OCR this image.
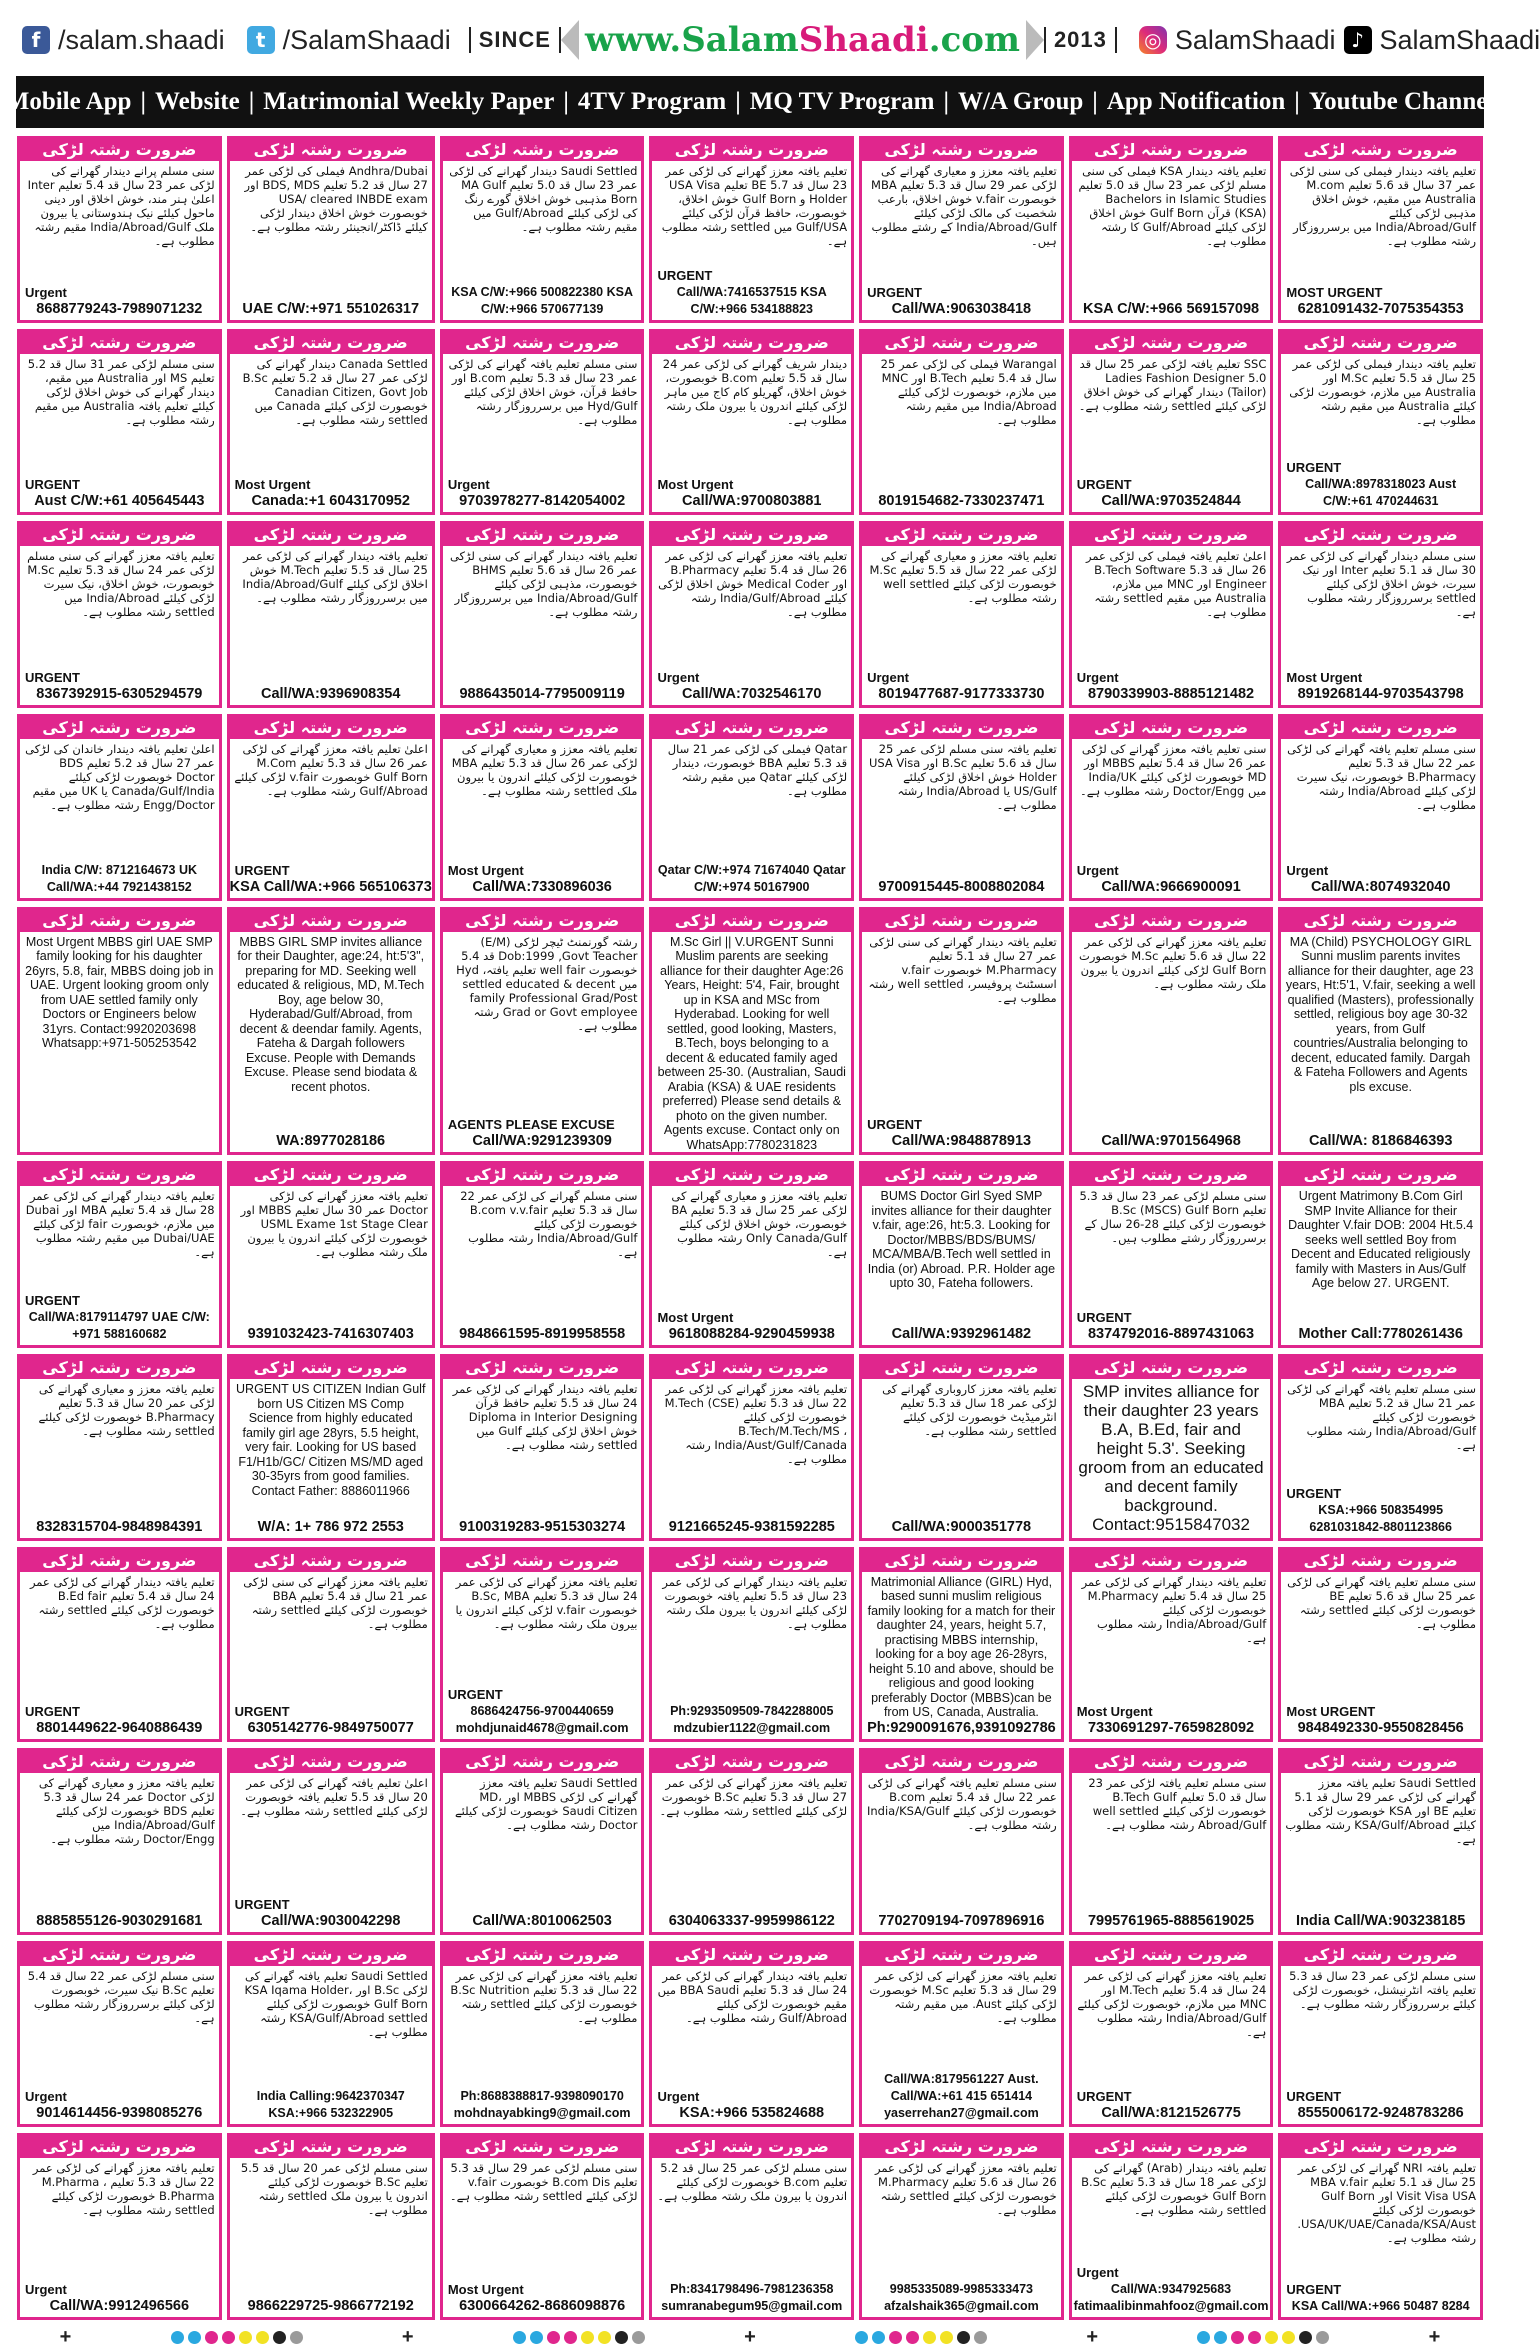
f /salam.shaadi	t /SalamShaadi	SINCE www.SalamShaadi.com	2013	◎ SalamShaadi ♪ SalamShaadi
Mobile App | Website | Matrimonial Weekly Paper | 4TV Program | MQ TV Program | W/A Group | App Notification | Youtube Channel
ضرورت رشتہ لڑکی
سنی مسلم پرانے دیندار گھرانے کی لڑکی عمر 23 سال قد 5.4 تعلیم Inter اعلیٰ ہنر مند، خوش اخلاق اور دینی ماحول کیلئے نیک ہندوستانی یا بیرون ملک India/Abroad/Gulf مقیم رشتہ مطلوب ہے۔
Urgent
8688779243-7989071232
ضرورت رشتہ لڑکی
Andhra/Dubai فیملی کی لڑکی عمر 27 سال قد 5.2 تعلیم BDS, MDS اور USA/ cleared INBDE exam خوبصورت خوش اخلاق دیندار لڑکی کیلئے ڈاکٹر/انجینئر رشتہ مطلوب ہے۔
UAE C/W:+971 551026317
ضرورت رشتہ لڑکی
Saudi Settled دیندار گھرانے کی لڑکی عمر 23 سال قد 5.0 تعلیم MA Gulf Born مذہبی خوش اخلاق گورے رنگ کی لڑکی کیلئے Gulf/Abroad میں مقیم رشتہ مطلوب ہے۔
KSA C/W:+966 500822380 KSA C/W:+966 570677139
ضرورت رشتہ لڑکی
تعلیم یافتہ معزز گھرانے کی لڑکی عمر 23 سال قد 5.7 BE تعلیم USA Visa Holder و Gulf Born خوش اخلاق، خوبصورت، حافظ قرآن لڑکی کیلئے Gulf/USA میں settled رشتہ مطلوب ہے۔
URGENT
Call/WA:7416537515 KSA C/W:+966 534188823
ضرورت رشتہ لڑکی
تعلیم یافتہ معزز و معیاری گھرانے کی لڑکی عمر 29 سال قد 5.3 تعلیم MBA خوبصورت v.fair خوش اخلاق، بارعب شخصیت کی مالک لڑکی کیلئے India/Abroad/Gulf کے رشتے مطلوب ہیں۔
URGENT
Call/WA:9063038418
ضرورت رشتہ لڑکی
تعلیم یافتہ دیندار KSA فیملی کی سنی مسلم لڑکی عمر 23 سال قد 5.0 تعلیم Bachelors in Islamic Studies (KSA) قرآن Gulf Born خوش اخلاق لڑکی کیلئے Gulf/Abroad کا رشتہ مطلوب ہے۔
KSA C/W:+966 569157098
ضرورت رشتہ لڑکی
تعلیم یافتہ دیندار فیملی کی سنی لڑکی عمر 37 سال قد 5.6 تعلیم M.com Australia میں مقیم، خوش اخلاق مذہبی لڑکی کیلئے India/Abroad/Gulf میں برسرروزگار رشتہ مطلوب ہے۔
MOST URGENT
6281091432-7075354353
ضرورت رشتہ لڑکی
سنی مسلم لڑکی عمر 31 سال قد 5.2 تعلیم MS اور Australia میں مقیم، دیندار گھرانے کی خوش اخلاق لڑکی کیلئے تعلیم یافتہ Australia میں مقیم رشتہ مطلوب ہے۔
URGENT
Aust C/W:+61 405645443
ضرورت رشتہ لڑکی
Canada Settled دیندار گھرانے کی لڑکی عمر 27 سال قد 5.2 تعلیم B.Sc Canadian Citizen, Govt Job خوبصورت لڑکی کیلئے Canada میں settled رشتہ مطلوب ہے۔
Most Urgent
Canada:+1 6043170952
ضرورت رشتہ لڑکی
سنی مسلم تعلیم یافتہ گھرانے کی لڑکی عمر 23 سال قد 5.3 تعلیم B.com اور حافظ قرآن، خوش اخلاق لڑکی کیلئے Hyd/Gulf میں برسرروزگار رشتہ مطلوب ہے۔
Urgent
9703978277-8142054002
ضرورت رشتہ لڑکی
دیندار شریف گھرانے کی لڑکی عمر 24 سال قد 5.5 تعلیم B.com خوبصورت، خوش اخلاق، گھریلو کام کاج میں ماہر لڑکی کیلئے اندرون یا بیرون ملک رشتہ مطلوب ہے۔
Most Urgent
Call/WA:9700803881
ضرورت رشتہ لڑکی
Warangal فیملی کی لڑکی عمر 25 سال قد 5.4 تعلیم B.Tech اور MNC میں ملازم، خوبصورت لڑکی کیلئے India/Abroad میں مقیم رشتہ مطلوب ہے۔
8019154682-7330237471
ضرورت رشتہ لڑکی
SSC تعلیم یافتہ لڑکی عمر 25 سال قد 5.0 Ladies Fashion Designer (Tailor) دیندار گھرانے کی خوش اخلاق لڑکی کیلئے settled رشتہ مطلوب ہے۔
URGENT
Call/WA:9703524844
ضرورت رشتہ لڑکی
تعلیم یافتہ دیندار فیملی کی لڑکی عمر 25 سال قد 5.5 تعلیم M.Sc اور Australia میں ملازم، خوبصورت لڑکی کیلئے Australia میں مقیم رشتہ مطلوب ہے۔
URGENT
Call/WA:8978318023 Aust C/W:+61 470244631
ضرورت رشتہ لڑکی
تعلیم یافتہ معزز گھرانے کی سنی مسلم لڑکی عمر 24 سال قد 5.3 تعلیم M.Sc خوبصورت، خوش اخلاق، نیک سیرت لڑکی کیلئے India/Abroad میں settled رشتہ مطلوب ہے۔
URGENT
8367392915-6305294579
ضرورت رشتہ لڑکی
تعلیم یافتہ دیندار گھرانے کی لڑکی عمر 25 سال قد 5.5 تعلیم M.Tech خوش اخلاق لڑکی کیلئے India/Abroad/Gulf میں برسرروزگار رشتہ مطلوب ہے۔
Call/WA:9396908354
ضرورت رشتہ لڑکی
تعلیم یافتہ دیندار گھرانے کی سنی لڑکی عمر 26 سال قد 5.6 تعلیم BHMS خوبصورت، مذہبی لڑکی کیلئے India/Abroad/Gulf میں برسرروزگار رشتہ مطلوب ہے۔
9886435014-7795009119
ضرورت رشتہ لڑکی
تعلیم یافتہ معزز گھرانے کی لڑکی عمر 26 سال قد 5.4 تعلیم B.Pharmacy اور Medical Coder خوش اخلاق لڑکی کیلئے India/Gulf/Abroad رشتہ مطلوب ہے۔
Urgent
Call/WA:7032546170
ضرورت رشتہ لڑکی
تعلیم یافتہ معزز و معیاری گھرانے کی لڑکی عمر 22 سال قد 5.5 تعلیم M.Sc خوبصورت لڑکی کیلئے well settled رشتہ مطلوب ہے۔
Urgent
8019477687-9177333730
ضرورت رشتہ لڑکی
اعلیٰ تعلیم یافتہ فیملی کی لڑکی عمر 26 سال قد 5.3 B.Tech Software Engineer اور MNC میں ملازم، Australia میں مقیم settled رشتہ مطلوب ہے۔
Urgent
8790339903-8885121482
ضرورت رشتہ لڑکی
سنی مسلم دیندار گھرانے کی لڑکی عمر 30 سال قد 5.1 تعلیم Inter اور نیک سیرت، خوش اخلاق لڑکی کیلئے settled برسرروزگار رشتہ مطلوب ہے۔
Most Urgent
8919268144-9703543798
ضرورت رشتہ لڑکی
اعلیٰ تعلیم یافتہ دیندار خاندان کی لڑکی عمر 27 سال قد 5.2 تعلیم BDS Doctor خوبصورت لڑکی کیلئے Canada/Gulf/India یا UK میں مقیم Engg/Doctor رشتہ مطلوب ہے۔
India C/W: 8712164673 UK Call/WA:+44 7921438152
ضرورت رشتہ لڑکی
اعلیٰ تعلیم یافتہ معزز گھرانے کی لڑکی عمر 26 سال قد 5.3 تعلیم M.Com Gulf Born خوبصورت v.fair لڑکی کیلئے Gulf/Abroad رشتہ مطلوب ہے۔
URGENT
KSA Call/WA:+966 565106373
ضرورت رشتہ لڑکی
تعلیم یافتہ معزز و معیاری گھرانے کی لڑکی عمر 26 سال قد 5.3 تعلیم MBA خوبصورت لڑکی کیلئے اندرون یا بیرون ملک settled رشتہ مطلوب ہے۔
Most Urgent
Call/WA:7330896036
ضرورت رشتہ لڑکی
Qatar فیملی کی لڑکی عمر 21 سال قد 5.3 تعلیم BBA خوبصورت، دیندار لڑکی کیلئے Qatar میں مقیم رشتہ مطلوب ہے۔
Qatar C/W:+974 71674040 Qatar C/W:+974 50167900
ضرورت رشتہ لڑکی
تعلیم یافتہ سنی مسلم لڑکی عمر 25 سال قد 5.6 تعلیم B.Sc اور USA Visa Holder خوش اخلاق لڑکی کیلئے US/Gulf یا India/Abroad رشتہ مطلوب ہے۔
9700915445-8008802084
ضرورت رشتہ لڑکی
سنی تعلیم یافتہ معزز گھرانے کی لڑکی عمر 26 سال قد 5.4 تعلیم MBBS اور MD خوبصورت لڑکی کیلئے India/UK میں Doctor/Engg رشتہ مطلوب ہے۔
Urgent
Call/WA:9666900091
ضرورت رشتہ لڑکی
سنی مسلم تعلیم یافتہ گھرانے کی لڑکی عمر 22 سال قد 5.3 تعلیم B.Pharmacy خوبصورت، نیک سیرت لڑکی کیلئے India/Abroad رشتہ مطلوب ہے۔
Urgent
Call/WA:8074932040
ضرورت رشتہ لڑکی
Most Urgent MBBS girl UAE SMP family looking for his daughter 26yrs, 5.8, fair, MBBS doing job in UAE. Urgent looking groom only from UAE settled family only Doctors or Engineers below 31yrs. Contact:9920203698 Whatsapp:+971-505253542
ضرورت رشتہ لڑکی
MBBS GIRL SMP invites alliance for their Daughter, age:24, ht:5'3", preparing for MD. Seeking well educated & religious, MD, M.Tech Boy, age below 30, Hyderabad/Gulf/Abroad, from decent & deendar family. Agents, Fateha & Dargah followers Excuse. People with Demands Excuse. Please send biodata & recent photos.
WA:8977028186
ضرورت رشتہ لڑکی
رشتہ گورنمنٹ ٹیچر لڑکی (E/M) Dob:1999 ,Govt Teacher قد 5.4 خوبصورت well fair تعلیم یافتہ، Hyd میں settled educated & decent family Professional Grad/Post Grad or Govt employee رشتہ مطلوب ہے۔
AGENTS PLEASE EXCUSE
Call/WA:9291239309
ضرورت رشتہ لڑکی
M.Sc Girl || V.URGENT Sunni Muslim parents are seeking alliance for their daughter Age:26 Years, Height: 5'4, Fair, brought up in KSA and MSc from Hyderabad. Looking for well settled, good looking, Masters, B.Tech, boys belonging to a decent & educated family aged between 25-30. (Australian, Saudi Arabia (KSA) & UAE residents preferred) Please send details & photo on the given number. Agents excuse. Contact only on WhatsApp:7780231823
ضرورت رشتہ لڑکی
تعلیم یافتہ دیندار گھرانے کی سنی لڑکی عمر 27 سال قد 5.1 تعلیم M.Pharmacy خوبصورت v.fair اسسٹنٹ پروفیسر، well settled رشتہ مطلوب ہے۔
URGENT
Call/WA:9848878913
ضرورت رشتہ لڑکی
تعلیم یافتہ معزز گھرانے کی لڑکی عمر 22 سال قد 5.6 تعلیم M.Sc خوبصورت Gulf Born لڑکی کیلئے اندرون یا بیرون ملک رشتہ مطلوب ہے۔
Call/WA:9701564968
ضرورت رشتہ لڑکی
MA (Child) PSYCHOLOGY GIRL Sunni muslim parents invites alliance for their daughter, age 23 years, Ht:5'1, V.fair, seeking a well qualified (Masters), professionally settled, religious boy age 30-32 years, from Gulf countries/Australia belonging to decent, educated family. Dargah & Fateha Followers and Agents pls excuse.
Call/WA: 8186846393
ضرورت رشتہ لڑکی
تعلیم یافتہ دیندار گھرانے کی لڑکی عمر 28 سال قد 5.4 تعلیم MBA اور Dubai میں ملازم، خوبصورت fair لڑکی کیلئے Dubai/UAE میں مقیم رشتہ مطلوب ہے۔
URGENT
Call/WA:8179114797 UAE C/W: +971 588160682
ضرورت رشتہ لڑکی
تعلیم یافتہ معزز گھرانے کی لڑکی Doctor عمر 30 سال تعلیم MBBS اور USML Exame 1st Stage Clear خوبصورت لڑکی کیلئے اندرون یا بیرون ملک رشتہ مطلوب ہے۔
9391032423-7416307403
ضرورت رشتہ لڑکی
سنی مسلم گھرانے کی لڑکی عمر 22 سال قد 5.3 تعلیم B.com v.v.fair خوبصورت لڑکی کیلئے India/Abroad/Gulf رشتہ مطلوب ہے۔
9848661595-8919958558
ضرورت رشتہ لڑکی
تعلیم یافتہ معزز و معیاری گھرانے کی لڑکی عمر 25 سال قد 5.3 تعلیم BA خوبصورت، خوش اخلاق لڑکی کیلئے Only Canada/Gulf رشتہ مطلوب ہے۔
Most Urgent
9618088284-9290459938
ضرورت رشتہ لڑکی
BUMS Doctor Girl Syed SMP invites alliance for their daughter v.fair, age:26, ht:5.3. Looking for Doctor/MBBS/BDS/BUMS/ MCA/MBA/B.Tech well settled in India (or) Abroad. P.R. Holder age upto 30, Fateha followers.
Call/WA:9392961482
ضرورت رشتہ لڑکی
سنی مسلم لڑکی عمر 23 سال قد 5.3 تعلیم B.Sc (MSCS) Gulf Born خوبصورت لڑکی کیلئے 28-26 سال کے برسرروزگار رشتے مطلوب ہیں۔
URGENT
8374792016-8897431063
ضرورت رشتہ لڑکی
Urgent Matrimony B.Com Girl SMP Invite Alliance for their Daughter V.fair DOB: 2004 Ht.5.4 seeks well settled Boy from Decent and Educated religiously family with Masters in Aus/Gulf Age below 27. URGENT.
Mother Call:7780261436
ضرورت رشتہ لڑکی
تعلیم یافتہ معزز و معیاری گھرانے کی لڑکی عمر 20 سال قد 5.3 تعلیم B.Pharmacy خوبصورت لڑکی کیلئے settled رشتہ مطلوب ہے۔
8328315704-9848984391
ضرورت رشتہ لڑکی
URGENT US CITIZEN Indian Gulf born US Citizen MS Comp Science from highly educated family girl age 28yrs, 5.5 height, very fair. Looking for US based F1/H1b/GC/ Citizen MS/MD aged 30-35yrs from good families. Contact Father: 8886011966
W/A: 1+ 786 972 2553
ضرورت رشتہ لڑکی
تعلیم یافتہ دیندار گھرانے کی لڑکی عمر 24 سال قد 5.5 تعلیم حافظ قرآن Diploma in Interior Designing خوش اخلاق لڑکی کیلئے Gulf میں settled رشتہ مطلوب ہے۔
9100319283-9515303274
ضرورت رشتہ لڑکی
تعلیم یافتہ معزز گھرانے کی لڑکی عمر 22 سال قد 5.3 تعلیم M.Tech (CSE) خوبصورت لڑکی کیلئے B.Tech/M.Tech/MS ، India/Aust/Gulf/Canada رشتہ مطلوب ہے۔
9121665245-9381592285
ضرورت رشتہ لڑکی
تعلیم یافتہ معزز کاروباری گھرانے کی لڑکی عمر 18 سال قد 5.3 تعلیم انٹرمیڈیٹ خوبصورت لڑکی کیلئے settled رشتہ مطلوب ہے۔
Call/WA:9000351778
ضرورت رشتہ لڑکی
SMP invites alliance for their daughter 23 years B.A, B.Ed, fair and height 5.3'. Seeking groom from an educated and decent family background. Contact:9515847032
ضرورت رشتہ لڑکی
سنی مسلم تعلیم یافتہ گھرانے کی لڑکی عمر 21 سال قد 5.2 تعلیم MBA خوبصورت لڑکی کیلئے India/Abroad/Gulf رشتہ مطلوب ہے۔
URGENT
KSA:+966 508354995 6281031842-8801123866
ضرورت رشتہ لڑکی
تعلیم یافتہ دیندار گھرانے کی لڑکی عمر 24 سال قد 5.4 تعلیم B.Ed fair خوبصورت لڑکی کیلئے settled رشتہ مطلوب ہے۔
URGENT
8801449622-9640886439
ضرورت رشتہ لڑکی
تعلیم یافتہ معزز گھرانے کی سنی لڑکی عمر 21 سال قد 5.4 تعلیم BBA خوبصورت لڑکی کیلئے settled رشتہ مطلوب ہے۔
URGENT
6305142776-9849750077
ضرورت رشتہ لڑکی
تعلیم یافتہ معزز گھرانے کی لڑکی عمر 24 سال قد 5.3 تعلیم B.Sc, MBA خوبصورت v.fair لڑکی کیلئے اندرون یا بیرون ملک رشتہ مطلوب ہے۔
URGENT
8686424756-9700440659 mohdjunaid4678@gmail.com
ضرورت رشتہ لڑکی
تعلیم یافتہ دیندار گھرانے کی لڑکی عمر 23 سال قد 5.5 تعلیم یافتہ خوبصورت لڑکی کیلئے اندرون یا بیرون ملک رشتہ مطلوب ہے۔
Ph:9293509509-7842288005 mdzubier1122@gmail.com
ضرورت رشتہ لڑکی
Matrimonial Alliance (GIRL) Hyd, based sunni muslim religious family looking for a match for their daughter 24, years, height 5.7, practising MBBS internship, looking for a boy age 26-28yrs, height 5.10 and above, should be religious and good looking preferably Doctor (MBBS)can be from US, Canada, Australia.
Ph:9290091676,9391092786
ضرورت رشتہ لڑکی
تعلیم یافتہ دیندار گھرانے کی لڑکی عمر 25 سال قد 5.4 تعلیم M.Pharmacy خوبصورت لڑکی کیلئے India/Abroad/Gulf رشتہ مطلوب ہے۔
Most Urgent
7330691297-7659828092
ضرورت رشتہ لڑکی
سنی مسلم تعلیم یافتہ گھرانے کی لڑکی عمر 25 سال قد 5.6 تعلیم BE خوبصورت لڑکی کیلئے settled رشتہ مطلوب ہے۔
Most URGENT
9848492330-9550828456
ضرورت رشتہ لڑکی
تعلیم یافتہ معزز و معیاری گھرانے کی لڑکی Doctor عمر 24 سال قد 5.3 تعلیم BDS خوبصورت لڑکی کیلئے India/Abroad/Gulf میں Doctor/Engg رشتہ مطلوب ہے۔
8885855126-9030291681
ضرورت رشتہ لڑکی
اعلیٰ تعلیم یافتہ گھرانے کی لڑکی عمر 20 سال قد 5.5 تعلیم یافتہ خوبصورت لڑکی کیلئے settled رشتہ مطلوب ہے۔
URGENT
Call/WA:9030042298
ضرورت رشتہ لڑکی
Saudi Settled تعلیم یافتہ معزز گھرانے کی لڑکی MBBS اور MD، Saudi Citizen خوبصورت لڑکی کیلئے Doctor رشتہ مطلوب ہے۔
Call/WA:8010062503
ضرورت رشتہ لڑکی
تعلیم یافتہ معزز گھرانے کی لڑکی عمر 27 سال قد 5.3 تعلیم B.Sc خوبصورت لڑکی کیلئے settled رشتہ مطلوب ہے۔
6304063337-9959986122
ضرورت رشتہ لڑکی
سنی مسلم تعلیم یافتہ گھرانے کی لڑکی عمر 22 سال قد 5.4 تعلیم B.com خوبصورت لڑکی کیلئے India/KSA/Gulf رشتہ مطلوب ہے۔
7702709194-7097896916
ضرورت رشتہ لڑکی
سنی مسلم تعلیم یافتہ لڑکی عمر 23 سال قد 5.0 تعلیم B.Tech Gulf خوبصورت لڑکی کیلئے well settled Abroad/Gulf رشتہ مطلوب ہے۔
7995761965-8885619025
ضرورت رشتہ لڑکی
Saudi Settled تعلیم یافتہ معزز گھرانے کی لڑکی عمر 29 سال قد 5.1 تعلیم BE اور KSA خوبصورت لڑکی کیلئے KSA/Gulf/Abroad رشتہ مطلوب ہے۔
India Call/WA:903238185
ضرورت رشتہ لڑکی
سنی مسلم لڑکی عمر 22 سال قد 5.4 تعلیم B.Sc نیک سیرت، خوبصورت لڑکی کیلئے برسرروزگار رشتہ مطلوب ہے۔
Urgent
9014614456-9398085276
ضرورت رشتہ لڑکی
Saudi Settled تعلیم یافتہ گھرانے کی لڑکی B.Sc اور KSA Iqama Holder، Gulf Born خوبصورت لڑکی کیلئے KSA/Gulf/Abroad settled رشتہ مطلوب ہے۔
India Calling:9642370347 KSA:+966 532322905
ضرورت رشتہ لڑکی
تعلیم یافتہ معزز گھرانے کی لڑکی عمر 22 سال قد 5.3 تعلیم B.Sc Nutrition خوبصورت لڑکی کیلئے settled رشتہ مطلوب ہے۔
Ph:8688388817-9398090170 mohdnayabking9@gmail.com
ضرورت رشتہ لڑکی
تعلیم یافتہ دیندار گھرانے کی لڑکی عمر 24 سال قد 5.3 تعلیم BBA Saudi میں مقیم خوبصورت لڑکی کیلئے Gulf/Abroad رشتہ مطلوب ہے۔
Urgent
KSA:+966 535824688
ضرورت رشتہ لڑکی
تعلیم یافتہ معزز گھرانے کی لڑکی عمر 29 سال قد 5.3 تعلیم M.Sc خوبصورت لڑکی کیلئے Aust. میں مقیم رشتہ مطلوب ہے۔
Call/WA:8179561227 Aust. Call/WA:+61 415 651414 yaserrehan27@gmail.com
ضرورت رشتہ لڑکی
تعلیم یافتہ معزز گھرانے کی لڑکی عمر 24 سال قد 5.4 تعلیم M.Tech اور MNC میں ملازم، خوبصورت لڑکی کیلئے India/Abroad/Gulf رشتہ مطلوب ہے۔
URGENT
Call/WA:8121526775
ضرورت رشتہ لڑکی
سنی مسلم لڑکی عمر 23 سال قد 5.3 تعلیم یافتہ انٹرنیشنل، خوبصورت لڑکی کیلئے برسرروزگار رشتہ مطلوب ہے۔
URGENT
8555006172-9248783286
ضرورت رشتہ لڑکی
تعلیم یافتہ معزز گھرانے کی لڑکی عمر 22 سال قد 5.3 تعلیم M.Pharma ، B.Pharma خوبصورت لڑکی کیلئے settled رشتہ مطلوب ہے۔
Urgent
Call/WA:9912496566
ضرورت رشتہ لڑکی
سنی مسلم لڑکی عمر 20 سال قد 5.5 تعلیم B.Sc خوبصورت لڑکی کیلئے اندرون یا بیرون ملک settled رشتہ مطلوب ہے۔
9866229725-9866772192
ضرورت رشتہ لڑکی
سنی مسلم لڑکی عمر 29 سال قد 5.3 تعلیم B.com Dis خوبصورت v.fair لڑکی کیلئے settled رشتہ مطلوب ہے۔
Most Urgent
6300664262-8686098876
ضرورت رشتہ لڑکی
سنی مسلم لڑکی عمر 25 سال قد 5.2 تعلیم B.com خوبصورت لڑکی کیلئے اندرون یا بیرون ملک رشتہ مطلوب ہے۔
Ph:8341798496-7981236358 sumranabegum95@gmail.com
ضرورت رشتہ لڑکی
تعلیم یافتہ معزز گھرانے کی لڑکی عمر 26 سال قد 5.6 تعلیم M.Pharmacy خوبصورت لڑکی کیلئے settled رشتہ مطلوب ہے۔
9985335089-9985333473 afzalshaik365@gmail.com
ضرورت رشتہ لڑکی
تعلیم یافتہ دیندار (Arab) گھرانے کی لڑکی عمر 18 سال قد 5.3 تعلیم B.Sc Gulf Born خوبصورت لڑکی کیلئے settled رشتہ مطلوب ہے۔
Urgent
Call/WA:9347925683 fatimaalibinmahfooz@gmail.com
ضرورت رشتہ لڑکی
تعلیم یافتہ NRI گھرانے کی لڑکی عمر 25 سال قد 5.1 تعلیم MBA v.fair Visit Visa USA اور Gulf Born خوبصورت لڑکی کیلئے USA/UK/UAE/Canada/KSA/Aust. رشتہ مطلوب ہے۔
URGENT
KSA Call/WA:+966 50487 8284
+	+	+	+	+
